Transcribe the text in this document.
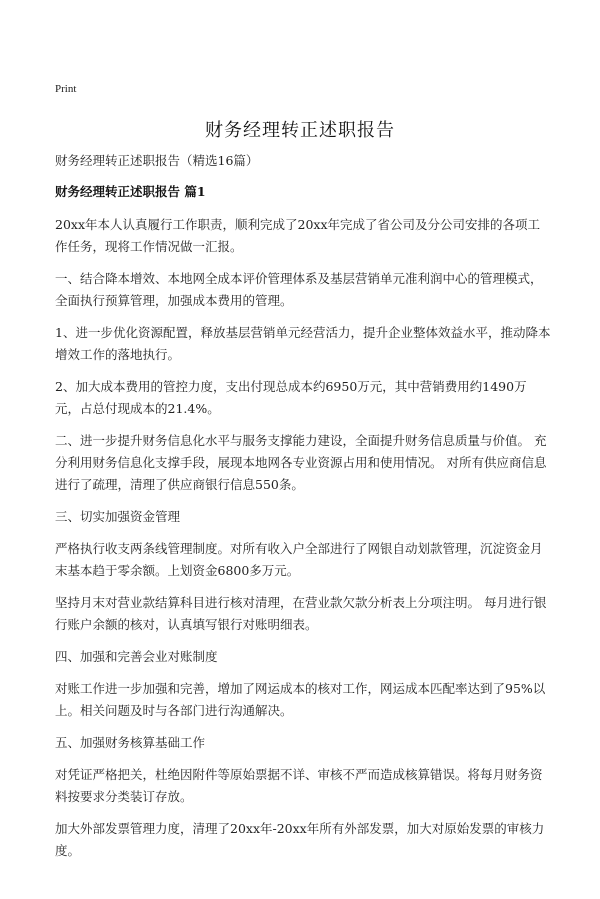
Print
财务经理转正述职报告
财务经理转正述职报告（精选16篇）
财务经理转正述职报告 篇1

20xx年本人认真履行工作职责，顺利完成了20xx年完成了省公司及分公司安排的各项工作任务，现将工作情况做一汇报。

一、结合降本增效、本地网全成本评价管理体系及基层营销单元准利润中心的管理模式，全面执行预算管理，加强成本费用的管理。

1、进一步优化资源配置，释放基层营销单元经营活力，提升企业整体效益水平，推动降本增效工作的落地执行。

2、加大成本费用的管控力度，支出付现总成本约6950万元，其中营销费用约1490万元，占总付现成本的21.4%。

二、进一步提升财务信息化水平与服务支撑能力建设，全面提升财务信息质量与价值。 充分利用财务信息化支撑手段，展现本地网各专业资源占用和使用情况。 对所有供应商信息进行了疏理，清理了供应商银行信息550条。

三、切实加强资金管理

严格执行收支两条线管理制度。对所有收入户全部进行了网银自动划款管理，沉淀资金月末基本趋于零余额。上划资金6800多万元。

坚持月末对营业款结算科目进行核对清理，在营业款欠款分析表上分项注明。 每月进行银行账户余额的核对，认真填写银行对账明细表。

四、加强和完善会业对账制度

对账工作进一步加强和完善，增加了网运成本的核对工作，网运成本匹配率达到了95%以上。相关问题及时与各部门进行沟通解决。

五、加强财务核算基础工作

对凭证严格把关，杜绝因附件等原始票据不详、审核不严而造成核算错误。将每月财务资料按要求分类装订存放。

加大外部发票管理力度，清理了20xx年-20xx年所有外部发票，加大对原始发票的审核力度。
